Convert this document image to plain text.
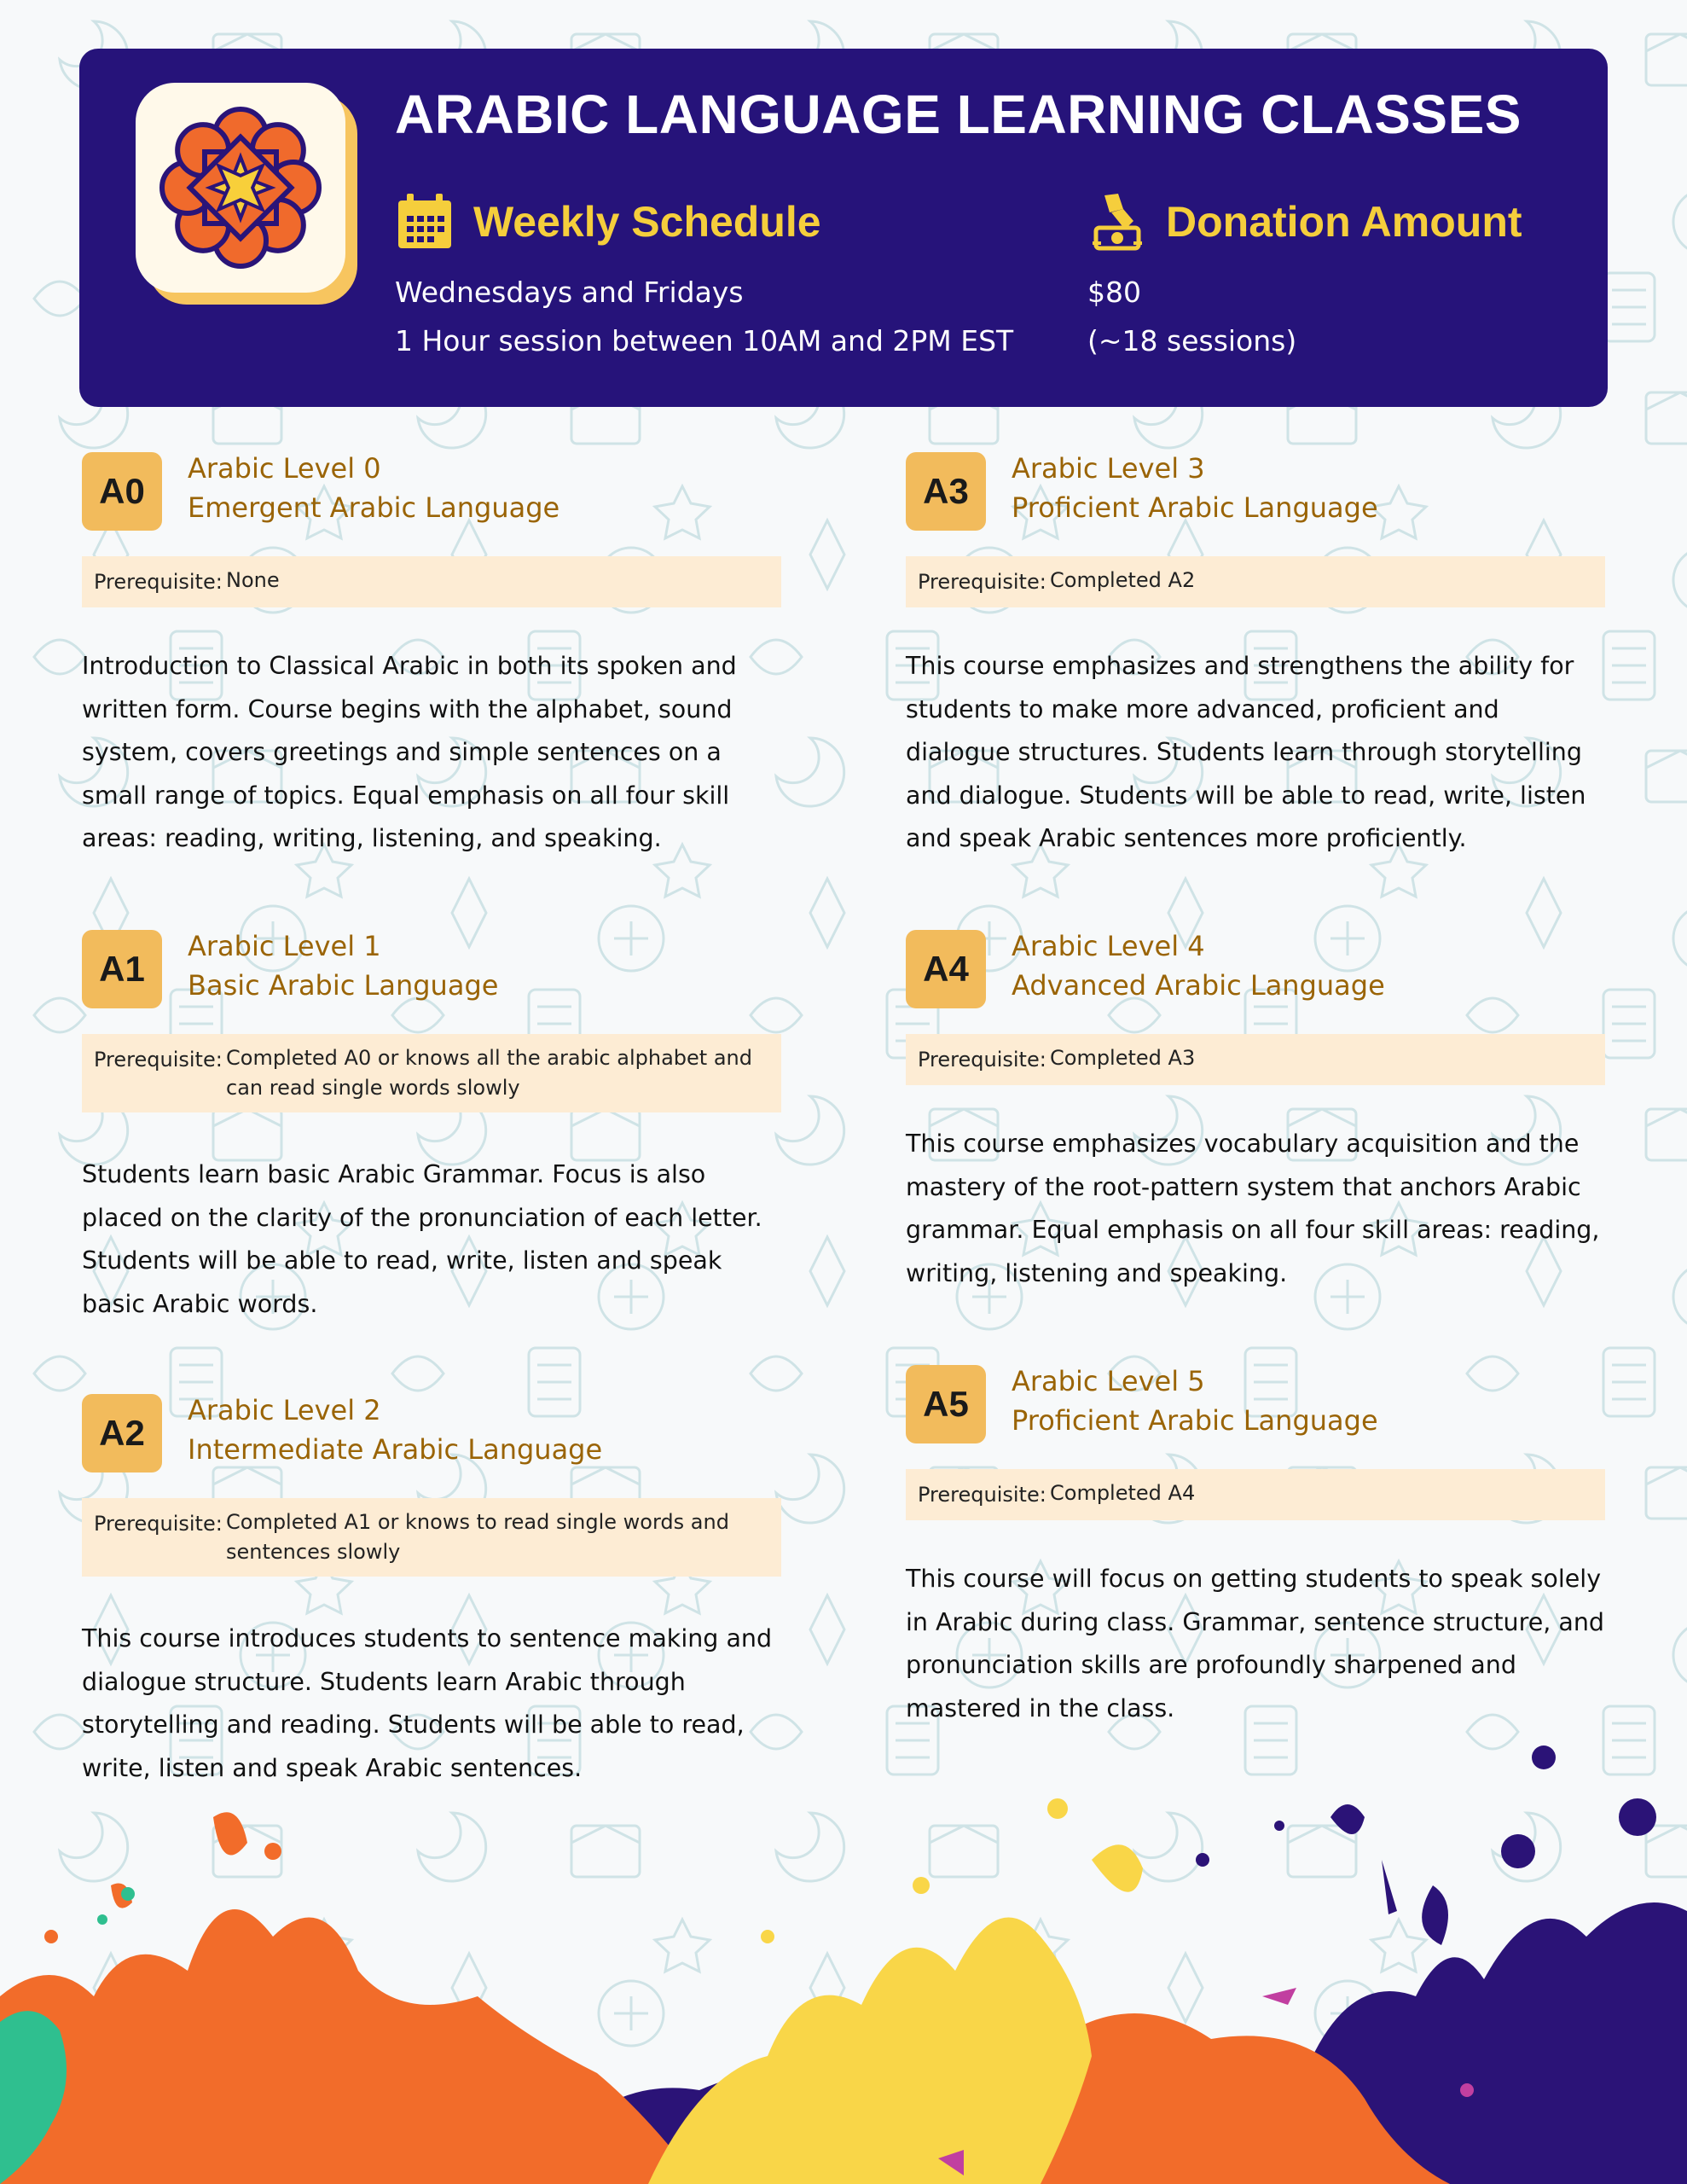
ARABIC LANGUAGE LEARNING CLASSES
Weekly Schedule
Wednesdays and Fridays
1 Hour session between 10AM and 2PM EST
Donation Amount
$80
(~18 sessions)
A0
Arabic Level 0
Emergent Arabic Language
Prerequisite: None

Introduction to Classical Arabic in both its spoken and written form. Course begins with the alphabet, sound system, covers greetings and simple sentences on a small range of topics. Equal emphasis on all four skill areas: reading, writing, listening, and speaking.

A1
Arabic Level 1
Basic Arabic Language
Prerequisite: Completed A0 or knows all the arabic alphabet and can read single words slowly

Students learn basic Arabic Grammar. Focus is also placed on the clarity of the pronunciation of each letter. Students will be able to read, write, listen and speak basic Arabic words.

A2
Arabic Level 2
Intermediate Arabic Language
Prerequisite: Completed A1 or knows to read single words and sentences slowly

This course introduces students to sentence making and dialogue structure. Students learn Arabic through storytelling and reading. Students will be able to read, write, listen and speak Arabic sentences.

A3
Arabic Level 3
Proficient Arabic Language
Prerequisite: Completed A2

This course emphasizes and strengthens the ability for students to make more advanced, proficient and dialogue structures. Students learn through storytelling and dialogue. Students will be able to read, write, listen and speak Arabic sentences more proficiently.

A4
Arabic Level 4
Advanced Arabic Language
Prerequisite: Completed A3

This course emphasizes vocabulary acquisition and the mastery of the root-pattern system that anchors Arabic grammar. Equal emphasis on all four skill areas: reading, writing, listening and speaking.

A5
Arabic Level 5
Proficient Arabic Language
Prerequisite: Completed A4

This course will focus on getting students to speak solely in Arabic during class. Grammar, sentence structure, and pronunciation skills are profoundly sharpened and mastered in the class.
